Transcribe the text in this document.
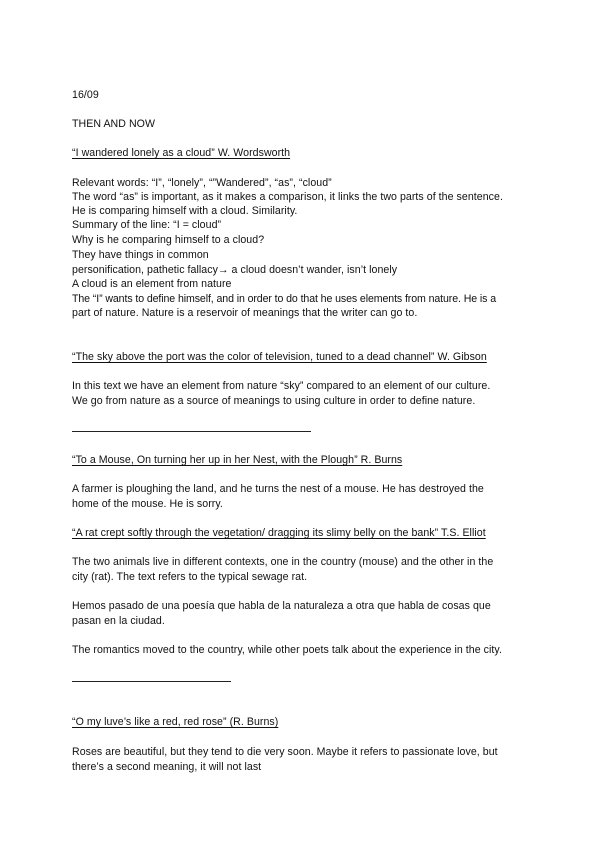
16/09

THEN AND NOW

“I wandered lonely as a cloud” W. Wordsworth

Relevant words: “I”, “lonely”, “”Wandered”, “as”, “cloud”

The word “as” is important, as it makes a comparison, it links the two parts of the sentence.

He is comparing himself with a cloud. Similarity.

Summary of the line: “I = cloud”

Why is he comparing himself to a cloud?

They have things in common

personification, pathetic fallacy→ a cloud doesn’t wander, isn’t lonely

A cloud is an element from nature

The “I” wants to define himself, and in order to do that he uses elements from nature. He is a

part of nature. Nature is a reservoir of meanings that the writer can go to.

“The sky above the port was the color of television, tuned to a dead channel” W. Gibson

In this text we have an element from nature “sky” compared to an element of our culture.

We go from nature as a source of meanings to using culture in order to define nature.

“To a Mouse, On turning her up in her Nest, with the Plough” R. Burns

A farmer is ploughing the land, and he turns the nest of a mouse. He has destroyed the

home of the mouse. He is sorry.

“A rat crept softly through the vegetation/ dragging its slimy belly on the bank” T.S. Elliot

The two animals live in different contexts, one in the country (mouse) and the other in the

city (rat). The text refers to the typical sewage rat.

Hemos pasado de una poesía que habla de la naturaleza a otra que habla de cosas que

pasan en la ciudad.

The romantics moved to the country, while other poets talk about the experience in the city.

“O my luve’s like a red, red rose” (R. Burns)

Roses are beautiful, but they tend to die very soon. Maybe it refers to passionate love, but

there’s a second meaning, it will not last
